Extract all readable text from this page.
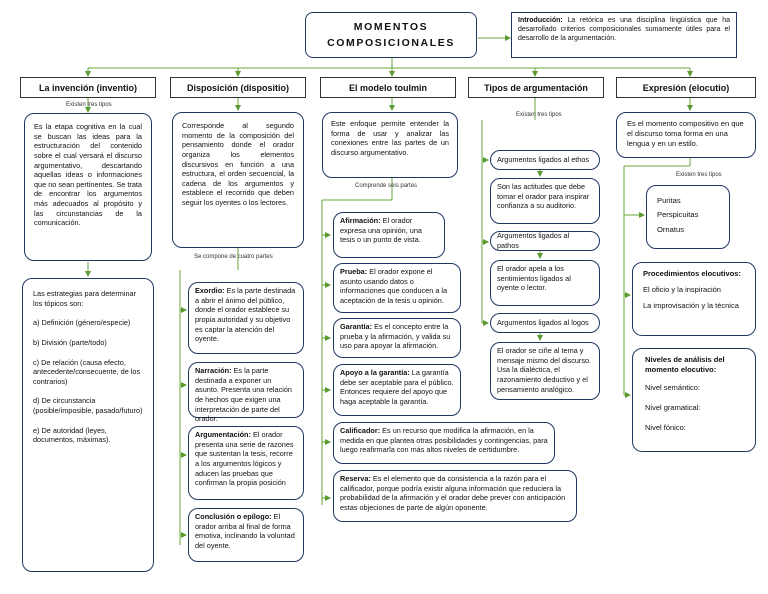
MOMENTOS COMPOSICIONALES
Introducción: La retórica es una disciplina lingüística que ha desarrollado criterios composicionales sumamente útiles para el desarrollo de la argumentación.
La invención (inventio)	Disposición (dispositio)	El modelo toulmin	Tipos de argumentación	Expresión (elocutio)
Existen tres tipos
Se compone de cuatro partes
Comprende seis partes
Existen tres tipos
Existen tres tipos
Es la etapa cognitiva en la cual se buscan las ideas para la estructuración del contenido sobre el cual versará el discurso argumentativo, descartando aquellas ideas o informaciones que no sean pertinentes. Se trata de encontrar los argumentos más adecuados al propósito y las circunstancias de la comunicación.

Las estrategias para determinar los tópicos son:

a) Definición (género/especie)

b) División (parte/todo)

c) De relación (causa efecto, antecedente/consecuente, de los contrarios)

d) De circunstancia (posible/imposible, pasado/futuro)

e) De autoridad (leyes, documentos, máximas).

Corresponde al segundo momento de la composición del pensamiento donde el orador organiza los elementos discursivos en función a una estructura, el orden secuencial, la cadena de los argumentos y establece el recorrido que deben seguir los oyentes o los lectores.
Exordio: Es la parte destinada a abrir el ánimo del público, donde el orador establece su propia autoridad y su objetivo es captar la atención del oyente.
Narración: Es la parte destinada a exponer un asunto. Presenta una relación de hechos que exigen una interpretación de parte del orador.
Argumentación: El orador presenta una serie de razones que sustentan la tesis, recorre a los argumentos lógicos y aducen las pruebas que confirman la propia posición
Conclusión o epílogo: El orador arriba al final de forma emotiva, inclinando la voluntad del oyente.
Este enfoque permite entender la forma de usar y analizar las conexiones entre las partes de un discurso argumentativo.
Afirmación: El orador expresa una opinión, una tesis o un punto de vista.
Prueba: El orador expone el asunto usando datos o informaciones que conducen a la aceptación de la tesis u opinión.
Garantía: Es el concepto entre la prueba y la afirmación, y valida su uso para apoyar la afirmación.
Apoyo a la garantía: La garantía debe ser aceptable para el público. Entonces requiere del apoyo que haga aceptable la garantía.
Calificador: Es un recurso que modifica la afirmación, en la medida en que plantea otras posibilidades y contingencias, para luego reafirmarla con más altos niveles de certidumbre.
Reserva: Es el elemento que da consistencia a la razón para el calificador, porque podría existir alguna información que reduciera la probabilidad de la afirmación y el orador debe prever con anticipación estas objeciones de parte de algún oponente.
Argumentos ligados al ethos
Son las actitudes que debe tomar el orador para inspirar confianza a su auditorio.
Argumentos ligados al pathos
El orador apela a los sentimientos ligados al oyente o lector.
Argumentos ligados al logos
El orador se ciñe al tema y mensaje mismo del discurso. Usa la dialéctica, el razonamiento deductivo y el pensamiento analógico.
Es el momento compositivo en que el discurso toma forma en una lengua y en un estilo.
Puritas
Perspicuitas
Ornatus

Procedimientos elocutivos:

El oficio y la inspiración

La improvisación y la técnica

Niveles de análisis del momento elocutivo:

Nivel semántico:

Nivel gramatical:

Nivel fónico:
